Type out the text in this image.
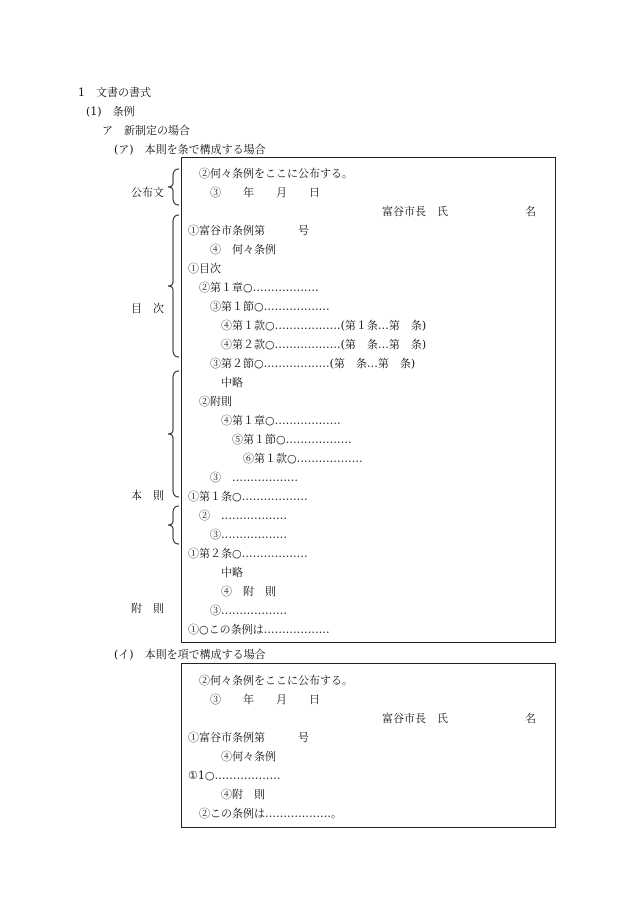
1　文書の書式
(1)　条例
ア　新制定の場合
(ア)　本則を条で構成する場合
公布文
目　次
本　則
附　則
　②何々条例をここに公布する。
　　③　　年　　月　　日
富谷市長　氏　　　　　　　名
①富谷市条例第　　　号
　　④　何々条例
①目次
　②第１章○………………
　　③第１節○………………
　　　④第１款○………………(第１条…第　条)
　　　④第２款○………………(第　条…第　条)
　　③第２節○………………(第　条…第　条)
　　　中略
　②附則
　　　④第１章○………………
　　　　⑤第１節○………………
　　　　　⑥第１款○………………
　　③　………………
①第１条○………………
　②　………………
　　③………………
①第２条○………………
　　　中略
　　　④　附　則
　　③………………
①○この条例は………………
(イ)　本則を項で構成する場合
　②何々条例をここに公布する。
　　③　　年　　月　　日
富谷市長　氏　　　　　　　名
①富谷市条例第　　　号
　　　④何々条例
①1○………………
　　　④附　則
　②この条例は………………。
